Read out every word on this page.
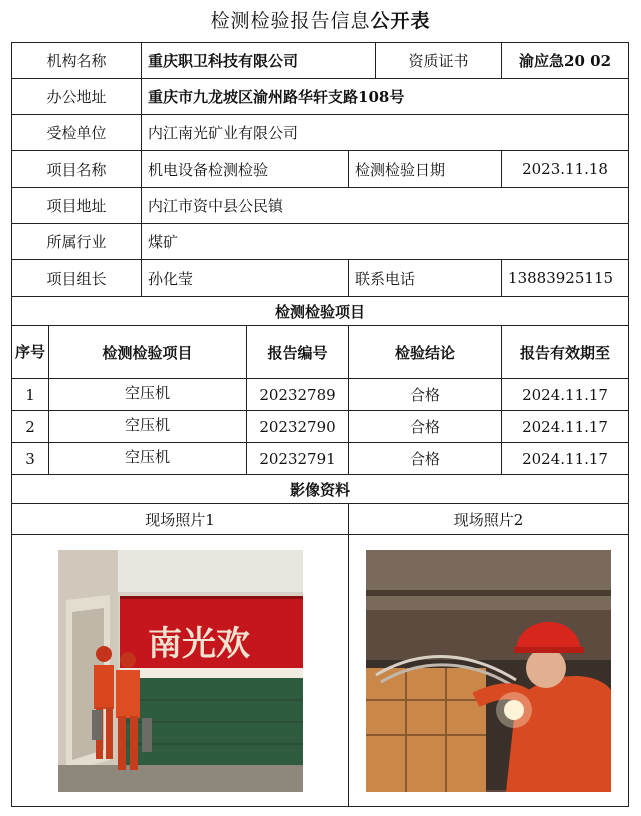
检测检验报告信息公开表
机构名称		重庆职卫科技有限公司			资质证书	渝应急20 02
办公地址		重庆市九龙坡区渝州路华轩支路108号				
受检单位		内江南光矿业有限公司				
项目名称		机电设备检测检验		检测检验日期		2023.11.18
项目地址		内江市资中县公民镇				
所属行业		煤矿				
项目组长		孙化莹		联系电话		13883925115
检测检验项目						
序号	检测检验项目		报告编号	检验结论		报告有效期至
1	空压机		20232789	合格		2024.11.17
2	空压机		20232790	合格		2024.11.17
3	空压机		20232791	合格		2024.11.17
影像资料						
现场照片1				现场照片2		

南光欢
